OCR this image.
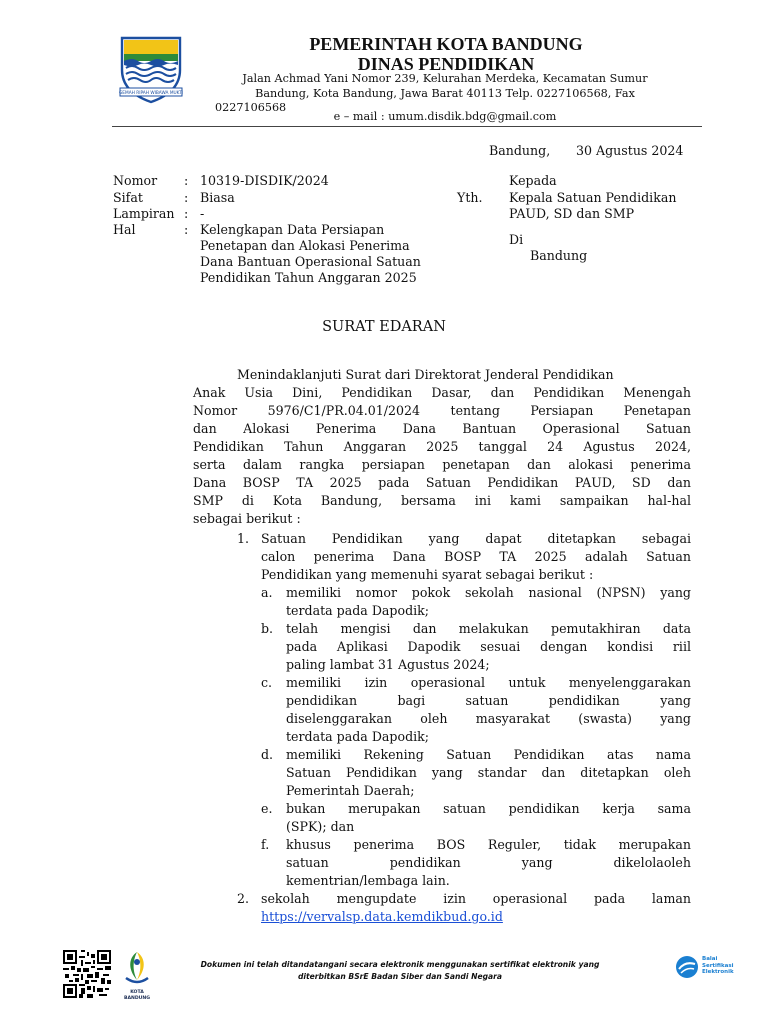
GEMAH RIPAH WIBAWA MUKTI
PEMERINTAH KOTA BANDUNG
DINAS PENDIDIKAN
Jalan Achmad Yani Nomor 239, Kelurahan Merdeka, Kecamatan Sumur
Bandung, Kota Bandung, Jawa Barat 40113 Telp. 0227106568, Fax
0227106568
e – mail : umum.disdik.bdg@gmail.com
Bandung, 30 Agustus 2024
Nomor : 10319-DISDIK/2024
Sifat	: Biasa
Lampiran : -
Hal	: Kelengkapan Data Persiapan
Penetapan dan Alokasi Penerima
Dana Bantuan Operasional Satuan
Pendidikan Tahun Anggaran 2025
Kepada
Yth. Kepala Satuan Pendidikan
PAUD, SD dan SMP
Di
Bandung
SURAT EDARAN
Menindaklanjuti Surat dari Direktorat Jenderal Pendidikan
Anak Usia Dini, Pendidikan Dasar, dan Pendidikan Menengah
Nomor 5976/C1/PR.04.01/2024 tentang Persiapan Penetapan
dan Alokasi Penerima Dana Bantuan Operasional Satuan
Pendidikan Tahun Anggaran 2025 tanggal 24 Agustus 2024,
serta dalam rangka persiapan penetapan dan alokasi penerima
Dana BOSP TA 2025 pada Satuan Pendidikan PAUD, SD dan
SMP di Kota Bandung, bersama ini kami sampaikan hal-hal
sebagai berikut :
1. Satuan Pendidikan yang dapat ditetapkan sebagai
calon penerima Dana BOSP TA 2025 adalah Satuan
Pendidikan yang memenuhi syarat sebagai berikut :
a. memiliki nomor pokok sekolah nasional (NPSN) yang
terdata pada Dapodik;
b. telah mengisi dan melakukan pemutakhiran data
pada Aplikasi Dapodik sesuai dengan kondisi riil
paling lambat 31 Agustus 2024;
c. memiliki izin operasional untuk menyelenggarakan
pendidikan bagi satuan pendidikan yang
diselenggarakan oleh masyarakat (swasta) yang
terdata pada Dapodik;
d. memiliki Rekening Satuan Pendidikan atas nama
Satuan Pendidikan yang standar dan ditetapkan oleh
Pemerintah Daerah;
e. bukan merupakan satuan pendidikan kerja sama
(SPK); dan
f. khusus penerima BOS Reguler, tidak merupakan
satuan pendidikan yang dikelolaoleh
kementrian/lembaga lain.
2. sekolah mengupdate izin operasional pada laman
https://vervalsp.data.kemdikbud.go.id
KOTA BANDUNG
Dokumen ini telah ditandatangani secara elektronik menggunakan sertifikat elektronik yang
diterbitkan BSrE Badan Siber dan Sandi Negara
Balai
Sertifikasi
Elektronik
